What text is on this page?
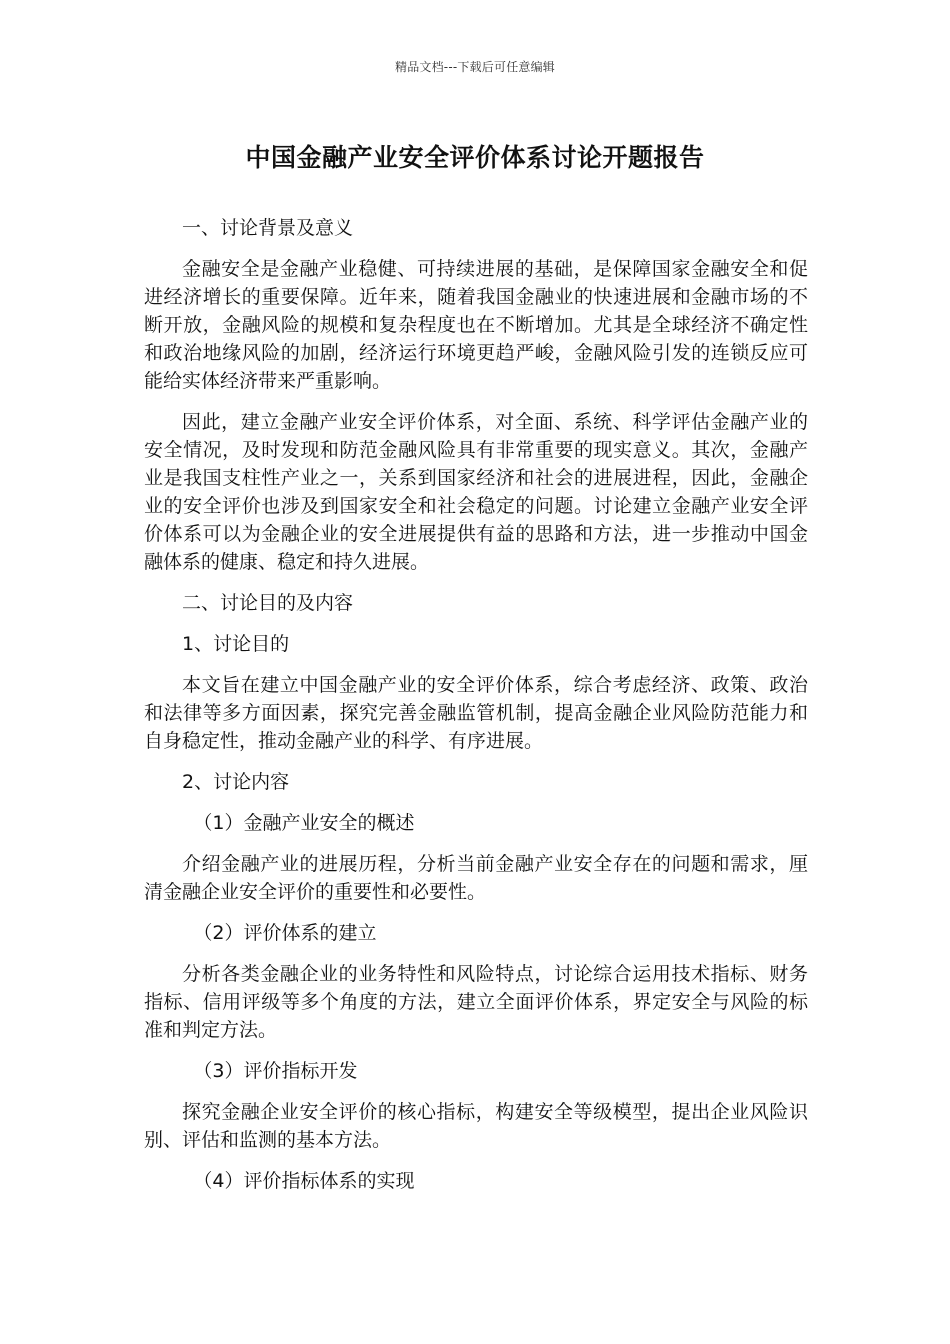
精品文档---下载后可任意编辑
中国金融产业安全评价体系讨论开题报告

一、讨论背景及意义

金融安全是金融产业稳健、可持续进展的基础，是保障国家金融安全和促进经济增长的重要保障。近年来，随着我国金融业的快速进展和金融市场的不断开放，金融风险的规模和复杂程度也在不断增加。尤其是全球经济不确定性和政治地缘风险的加剧，经济运行环境更趋严峻，金融风险引发的连锁反应可能给实体经济带来严重影响。

因此，建立金融产业安全评价体系，对全面、系统、科学评估金融产业的安全情况，及时发现和防范金融风险具有非常重要的现实意义。其次，金融产业是我国支柱性产业之一，关系到国家经济和社会的进展进程，因此，金融企业的安全评价也涉及到国家安全和社会稳定的问题。讨论建立金融产业安全评价体系可以为金融企业的安全进展提供有益的思路和方法，进一步推动中国金融体系的健康、稳定和持久进展。

二、讨论目的及内容

1、讨论目的

本文旨在建立中国金融产业的安全评价体系，综合考虑经济、政策、政治和法律等多方面因素，探究完善金融监管机制，提高金融企业风险防范能力和自身稳定性，推动金融产业的科学、有序进展。

2、讨论内容

（1）金融产业安全的概述

介绍金融产业的进展历程，分析当前金融产业安全存在的问题和需求，厘清金融企业安全评价的重要性和必要性。

（2）评价体系的建立

分析各类金融企业的业务特性和风险特点，讨论综合运用技术指标、财务指标、信用评级等多个角度的方法，建立全面评价体系，界定安全与风险的标准和判定方法。

（3）评价指标开发

探究金融企业安全评价的核心指标，构建安全等级模型，提出企业风险识别、评估和监测的基本方法。

（4）评价指标体系的实现
